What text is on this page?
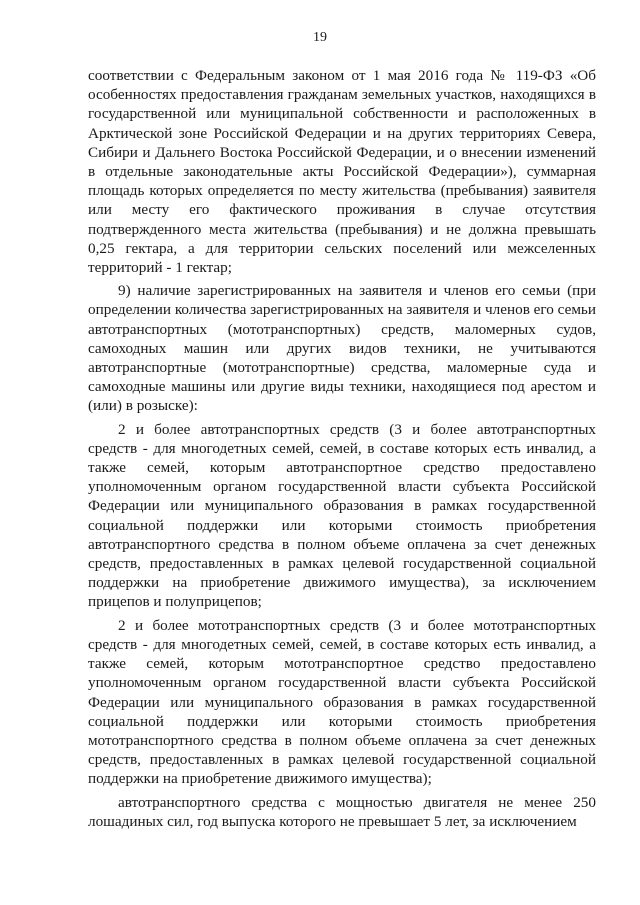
19

соответствии с Федеральным законом от 1 мая 2016 года № 119-ФЗ «Об особенностях предоставления гражданам земельных участков, находящихся в государственной или муниципальной собственности и расположенных в Арктической зоне Российской Федерации и на других территориях Севера, Сибири и Дальнего Востока Российской Федерации, и о внесении изменений в отдельные законодательные акты Российской Федерации»), суммарная площадь которых определяется по месту жительства (пребывания) заявителя или месту его фактического проживания в случае отсутствия подтвержденного места жительства (пребывания) и не должна превышать 0,25 гектара, а для территории сельских поселений или межселенных территорий - 1 гектар;

9) наличие зарегистрированных на заявителя и членов его семьи (при определении количества зарегистрированных на заявителя и членов его семьи автотранспортных (мототранспортных) средств, маломерных судов, самоходных машин или других видов техники, не учитываются автотранспортные (мототранспортные) средства, маломерные суда и самоходные машины или другие виды техники, находящиеся под арестом и (или) в розыске):

2 и более автотранспортных средств (3 и более автотранспортных средств - для многодетных семей, семей, в составе которых есть инвалид, а также семей, которым автотранспортное средство предоставлено уполномоченным органом государственной власти субъекта Российской Федерации или муниципального образования в рамках государственной социальной поддержки или которыми стоимость приобретения автотранспортного средства в полном объеме оплачена за счет денежных средств, предоставленных в рамках целевой государственной социальной поддержки на приобретение движимого имущества), за исключением прицепов и полуприцепов;

2 и более мототранспортных средств (3 и более мототранспортных средств - для многодетных семей, семей, в составе которых есть инвалид, а также семей, которым мототранспортное средство предоставлено уполномоченным органом государственной власти субъекта Российской Федерации или муниципального образования в рамках государственной социальной поддержки или которыми стоимость приобретения мототранспортного средства в полном объеме оплачена за счет денежных средств, предоставленных в рамках целевой государственной социальной поддержки на приобретение движимого имущества);

автотранспортного средства с мощностью двигателя не менее 250 лошадиных сил, год выпуска которого не превышает 5 лет, за исключением
